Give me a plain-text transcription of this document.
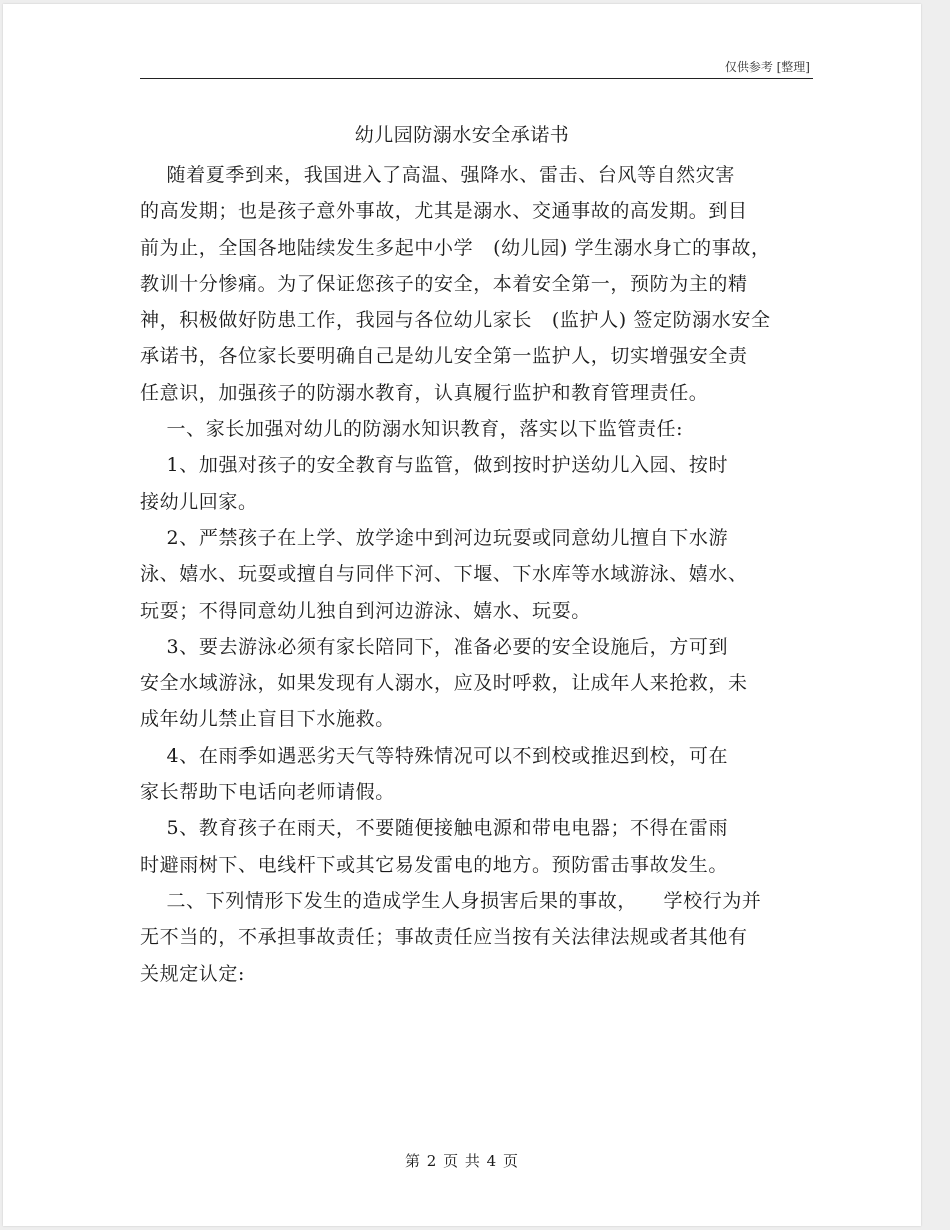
仅供参考 [整理]
幼儿园防溺水安全承诺书
随着夏季到来，我国进入了高温、强降水、雷击、台风等自然灾害
的高发期；也是孩子意外事故，尤其是溺水、交通事故的高发期。到目
前为止，全国各地陆续发生多起中小学   (幼儿园) 学生溺水身亡的事故，
教训十分惨痛。为了保证您孩子的安全，本着安全第一，预防为主的精
神，积极做好防患工作，我园与各位幼儿家长   (监护人) 签定防溺水安全
承诺书，各位家长要明确自己是幼儿安全第一监护人，切实增强安全责
任意识，加强孩子的防溺水教育，认真履行监护和教育管理责任。
一、家长加强对幼儿的防溺水知识教育，落实以下监管责任:
1、加强对孩子的安全教育与监管，做到按时护送幼儿入园、按时
接幼儿回家。
2、严禁孩子在上学、放学途中到河边玩耍或同意幼儿擅自下水游
泳、嬉水、玩耍或擅自与同伴下河、下堰、下水库等水域游泳、嬉水、
玩耍；不得同意幼儿独自到河边游泳、嬉水、玩耍。
3、要去游泳必须有家长陪同下，准备必要的安全设施后，方可到
安全水域游泳，如果发现有人溺水，应及时呼救，让成年人来抢救，未
成年幼儿禁止盲目下水施救。
4、在雨季如遇恶劣天气等特殊情况可以不到校或推迟到校，可在
家长帮助下电话向老师请假。
5、教育孩子在雨天，不要随便接触电源和带电电器；不得在雷雨
时避雨树下、电线杆下或其它易发雷电的地方。预防雷击事故发生。
二、下列情形下发生的造成学生人身损害后果的事故，    学校行为并
无不当的，不承担事故责任；事故责任应当按有关法律法规或者其他有
关规定认定:
第 2 页 共 4 页
